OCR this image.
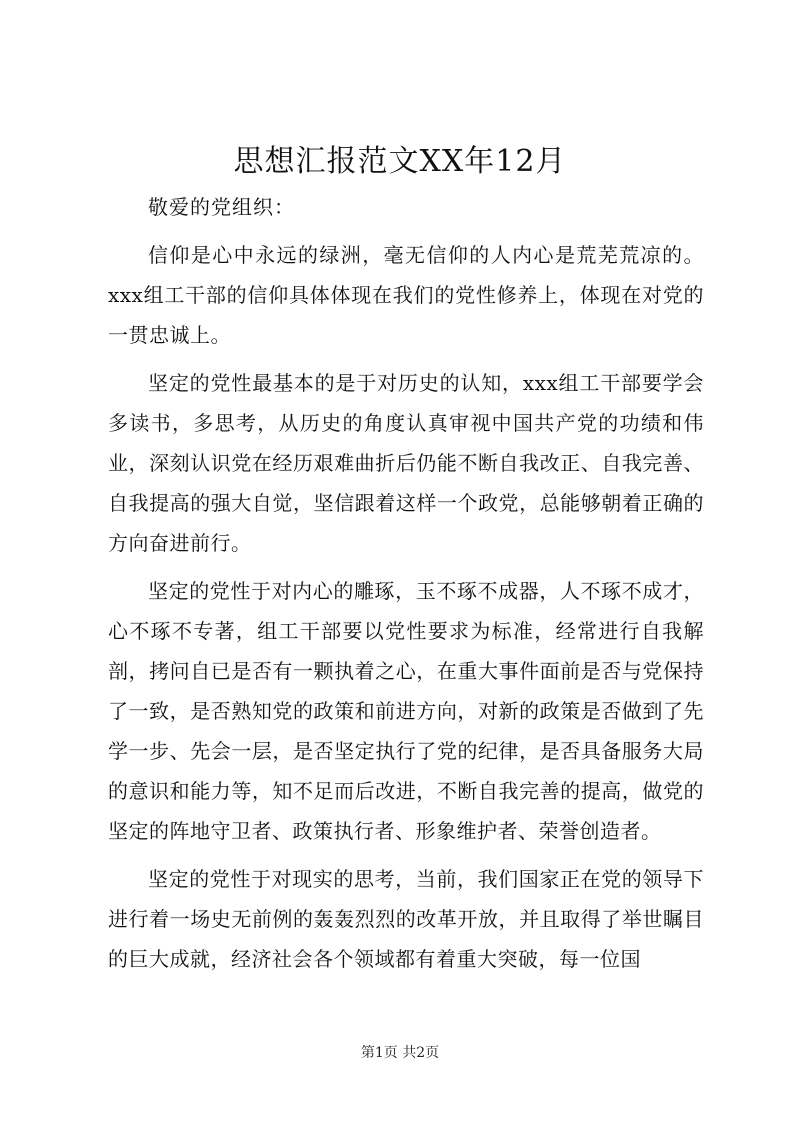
思想汇报范文XX年12月

敬爱的党组织：

信仰是心中永远的绿洲，毫无信仰的人内心是荒芜荒凉的。xxx组工干部的信仰具体体现在我们的党性修养上，体现在对党的一贯忠诚上。

坚定的党性最基本的是于对历史的认知，xxx组工干部要学会多读书，多思考，从历史的角度认真审视中国共产党的功绩和伟业，深刻认识党在经历艰难曲折后仍能不断自我改正、自我完善、自我提高的强大自觉，坚信跟着这样一个政党，总能够朝着正确的方向奋进前行。

坚定的党性于对内心的雕琢，玉不琢不成器，人不琢不成才，心不琢不专著，组工干部要以党性要求为标准，经常进行自我解剖，拷问自已是否有一颗执着之心，在重大事件面前是否与党保持了一致，是否熟知党的政策和前进方向，对新的政策是否做到了先学一步、先会一层，是否坚定执行了党的纪律，是否具备服务大局的意识和能力等，知不足而后改进，不断自我完善的提高，做党的坚定的阵地守卫者、政策执行者、形象维护者、荣誉创造者。

坚定的党性于对现实的思考，当前，我们国家正在党的领导下进行着一场史无前例的轰轰烈烈的改革开放，并且取得了举世瞩目的巨大成就，经济社会各个领域都有着重大突破，每一位国

第1页 共2页
